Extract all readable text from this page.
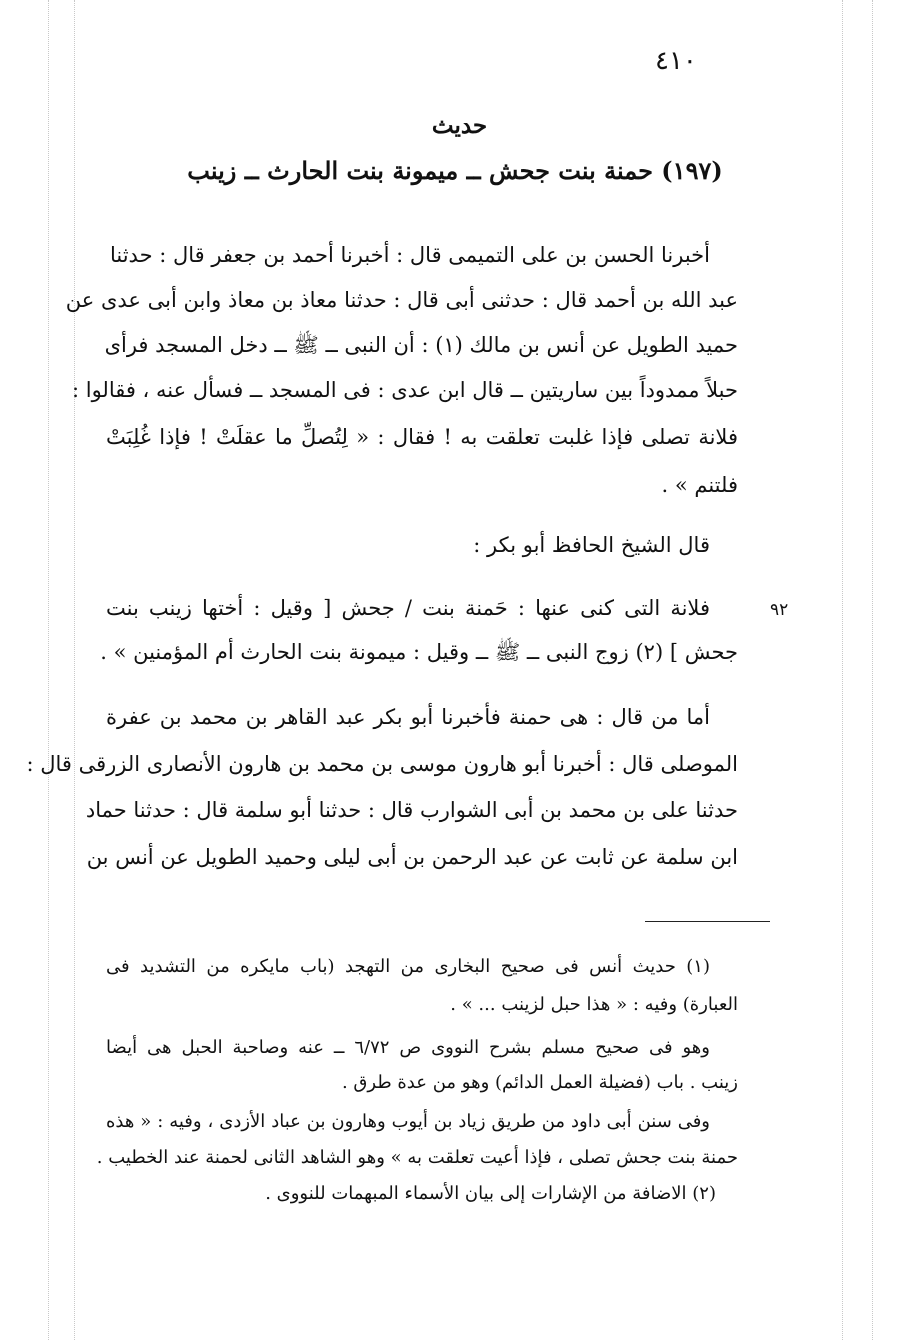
٤١٠
حديث
(١٩٧) حمنة بنت جحش ــ ميمونة بنت الحارث ــ زينب
٩٢
أخبرنا الحسن بن على التميمى قال : أخبرنا أحمد بن جعفر قال : حدثنا
عبد الله بن أحمد قال : حدثنى أبى قال : حدثنا معاذ بن معاذ وابن أبى عدى عن
حميد الطويل عن أنس بن مالك (١) : أن النبى ــ ﷺ ــ دخل المسجد فرأى
حبلاً ممدوداً بين ساريتين ــ قال ابن عدى : فى المسجد ــ فسأل عنه ، فقالوا :
فلانة تصلى فإذا غلبت تعلقت به ! فقال : « لِتُصلِّ ما عقلَتْ ! فإذا غُلِبَتْ
فلتنم » .
قال الشيخ الحافظ أبو بكر :
فلانة التى كنى عنها : حَمنة بنت / جحش [ وقيل : أختها زينب بنت
جحش ] (٢) زوج النبى ــ ﷺ ــ وقيل : ميمونة بنت الحارث أم المؤمنين » .
أما من قال : هى حمنة فأخبرنا أبو بكر عبد القاهر بن محمد بن عفرة
الموصلى قال : أخبرنا أبو هارون موسى بن محمد بن هارون الأنصارى الزرقى قال :
حدثنا على بن محمد بن أبى الشوارب قال : حدثنا أبو سلمة قال : حدثنا حماد
ابن سلمة عن ثابت عن عبد الرحمن بن أبى ليلى وحميد الطويل عن أنس بن
(١) حديث أنس فى صحيح البخارى من التهجد (باب مايكره من التشديد فى
العبارة) وفيه : « هذا حبل لزينب ... » .
وهو فى صحيح مسلم بشرح النووى ص ٦/٧٢ ــ عنه وصاحبة الحبل هى أيضا
زينب . باب (فضيلة العمل الدائم) وهو من عدة طرق .
وفى سنن أبى داود من طريق زياد بن أيوب وهارون بن عباد الأزدى ، وفيه : « هذه
حمنة بنت جحش تصلى ، فإذا أعيت تعلقت به » وهو الشاهد الثانى لحمنة عند الخطيب .
(٢) الاضافة من الإشارات إلى بيان الأسماء المبهمات للنووى .
